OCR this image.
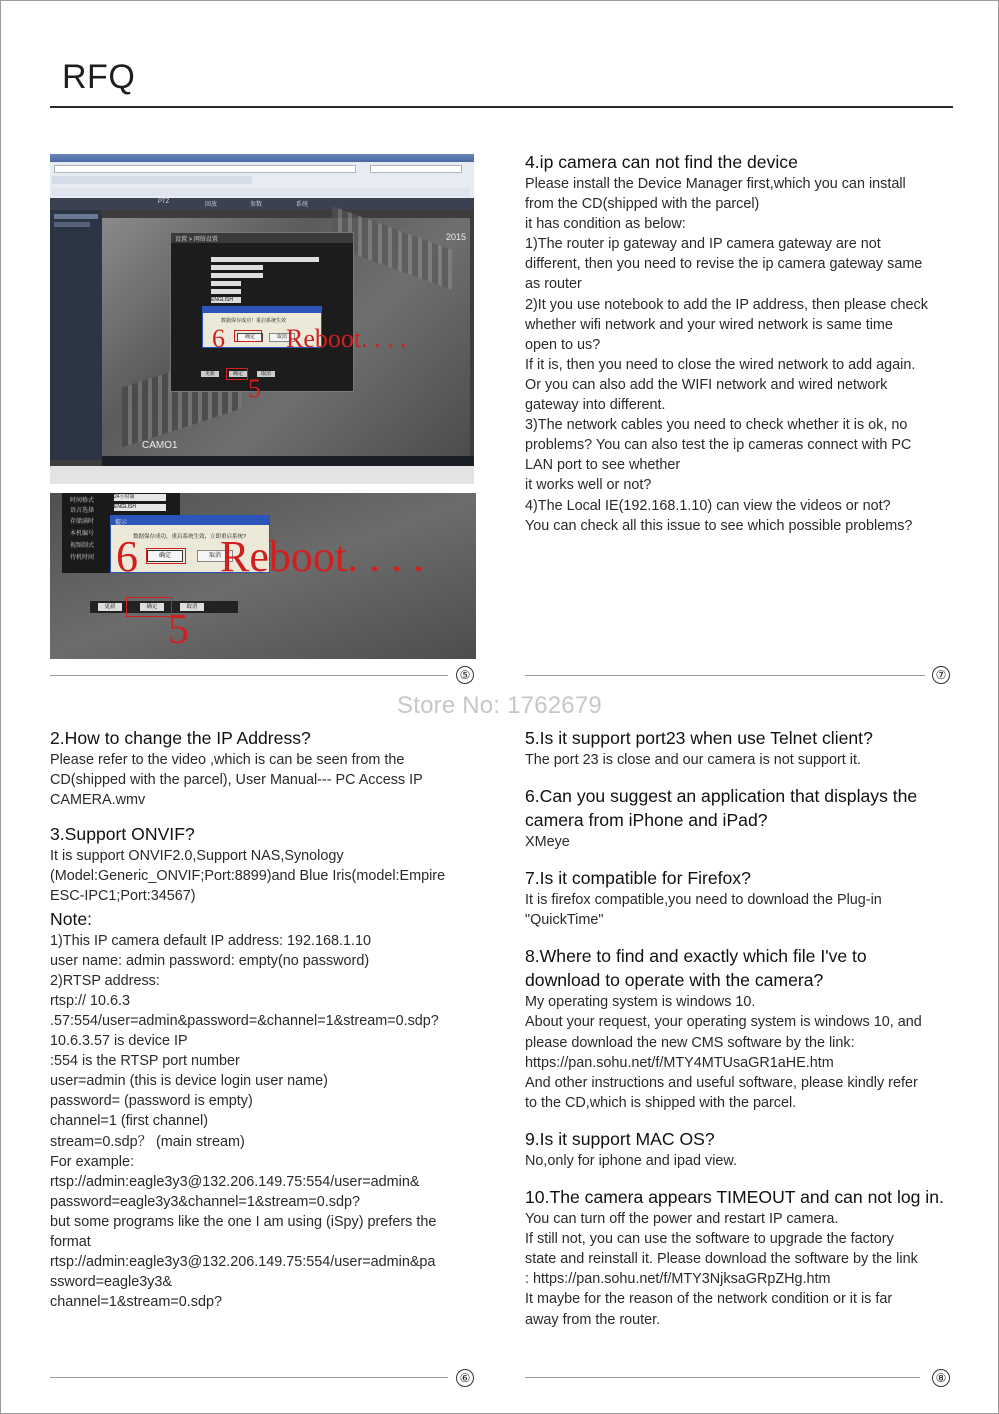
RFQ
PTZ	回放	参数	系统
2015
CAMO1
设置 > 网络设置
ENGLISH
更新	确定	取消
数据保存成功！重启系统生效
确定	取消
6 Reboot. . . .
5
时间格式
语言选择
存储满时
本机编号
视频制式
待机时间
24小时制
ENGLISH
提示
数据保存成功，重启系统生效，立即重启系统?
确定	取消
更新	确定	取消
6 Reboot. . . .
5

4.ip camera can not find the device

Please install the Device Manager first,which you can install

from the CD(shipped with the parcel)

it has condition as below:

1)The router ip gateway and IP camera gateway are not

different, then you need to revise the ip camera gateway same

as router

2)It you use notebook to add the IP address, then please check

whether wifi network and your wired network is same time

open to us?

If it is, then you need to close the wired network to add again.

Or you can also add the WIFI network and wired network

gateway into different.

3)The network cables you need to check whether it is ok, no

problems? You can also test the ip cameras connect with PC

LAN port to see whether

it works well or not?

4)The Local IE(192.168.1.10) can view the videos or not?

You can check all this issue to see which possible problems?

⑤	⑦
Store No: 1762679

2.How to change the IP Address?

Please refer to the video ,which is can be seen from the

CD(shipped with the parcel), User Manual--- PC Access IP

CAMERA.wmv

3.Support ONVIF?

It is support ONVIF2.0,Support NAS,Synology

(Model:Generic_ONVIF;Port:8899)and Blue Iris(model:Empire

ESC-IPC1;Port:34567)

Note:

1)This IP camera default IP address: 192.168.1.10

user name: admin password: empty(no password)

2)RTSP address:

rtsp:// 10.6.3

.57:554/user=admin&password=&channel=1&stream=0.sdp?

10.6.3.57 is device IP

:554 is the RTSP port number

user=admin (this is device login user name)

password= (password is empty)

channel=1 (first channel)

stream=0.sdp？ (main stream)

For example:

rtsp://admin:eagle3y3@132.206.149.75:554/user=admin&

password=eagle3y3&channel=1&stream=0.sdp?

but some programs like the one I am using (iSpy) prefers the

format

rtsp://admin:eagle3y3@132.206.149.75:554/user=admin&pa

ssword=eagle3y3&

channel=1&stream=0.sdp?

5.Is it support port23 when use Telnet client?

The port 23 is close and our camera is not support it.

6.Can you suggest an application that displays the

camera from iPhone and iPad?

XMeye

7.Is it compatible for Firefox?

It is firefox compatible,you need to download the Plug-in

"QuickTime"

8.Where to find and exactly which file I've to

download to operate with the camera?

My operating system is windows 10.

About your request, your operating system is windows 10, and

please download the new CMS software by the link:

https://pan.sohu.net/f/MTY4MTUsaGR1aHE.htm

And other instructions and useful software, please kindly refer

to the CD,which is shipped with the parcel.

9.Is it support MAC OS?

No,only for iphone and ipad view.

10.The camera appears TIMEOUT and can not log in.

You can turn off the power and restart IP camera.

If still not, you can use the software to upgrade the factory

state and reinstall it. Please download the software by the link

: https://pan.sohu.net/f/MTY3NjksaGRpZHg.htm

It maybe for the reason of the network condition or it is far

away from the router.

⑥	⑧
